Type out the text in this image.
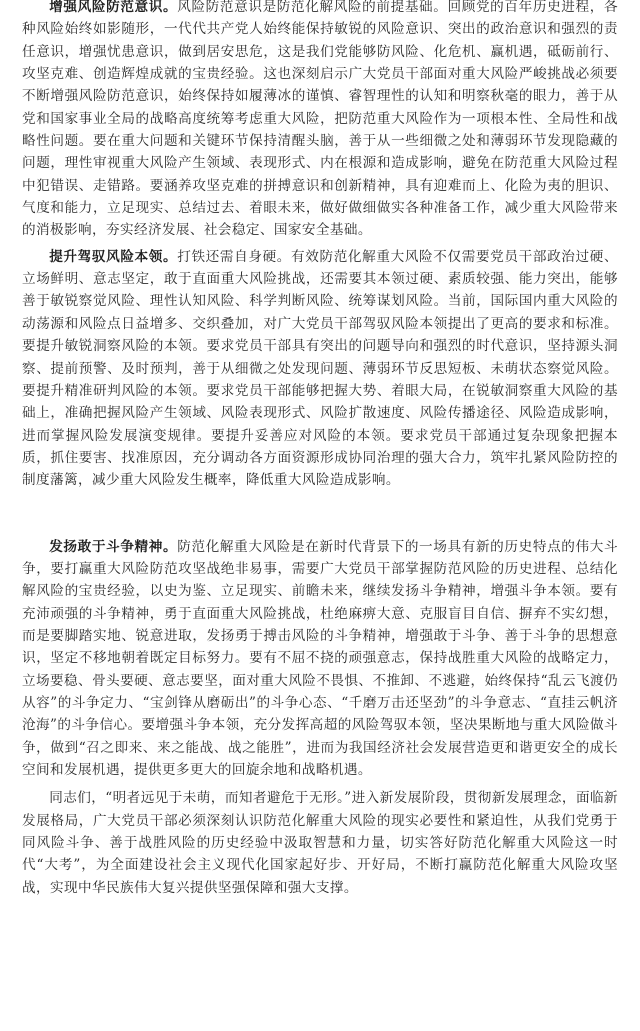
增强风险防范意识。风险防范意识是防范化解风险的前提基础。回顾党的百年历史进程，各种风险始终如影随形，一代代共产党人始终能保持敏锐的风险意识、突出的政治意识和强烈的责任意识，增强忧患意识，做到居安思危，这是我们党能够防风险、化危机、赢机遇，砥砺前行、攻坚克难、创造辉煌成就的宝贵经验。这也深刻启示广大党员干部面对重大风险严峻挑战必须要不断增强风险防范意识，始终保持如履薄冰的谨慎、睿智理性的认知和明察秋毫的眼力，善于从党和国家事业全局的战略高度统筹考虑重大风险，把防范重大风险作为一项根本性、全局性和战略性问题。要在重大问题和关键环节保持清醒头脑，善于从一些细微之处和薄弱环节发现隐藏的问题，理性审视重大风险产生领域、表现形式、内在根源和造成影响，避免在防范重大风险过程中犯错误、走错路。要涵养攻坚克难的拼搏意识和创新精神，具有迎难而上、化险为夷的胆识、气度和能力，立足现实、总结过去、着眼未来，做好做细做实各种准备工作，减少重大风险带来的消极影响，夯实经济发展、社会稳定、国家安全基础。

提升驾驭风险本领。打铁还需自身硬。有效防范化解重大风险不仅需要党员干部政治过硬、立场鲜明、意志坚定，敢于直面重大风险挑战，还需要其本领过硬、素质较强、能力突出，能够善于敏锐察觉风险、理性认知风险、科学判断风险、统筹谋划风险。当前，国际国内重大风险的动荡源和风险点日益增多、交织叠加，对广大党员干部驾驭风险本领提出了更高的要求和标准。要提升敏锐洞察风险的本领。要求党员干部具有突出的问题导向和强烈的时代意识，坚持源头洞察、提前预警、及时预判，善于从细微之处发现问题、薄弱环节反思短板、未萌状态察觉风险。要提升精准研判风险的本领。要求党员干部能够把握大势、着眼大局，在锐敏洞察重大风险的基础上，准确把握风险产生领域、风险表现形式、风险扩散速度、风险传播途径、风险造成影响，进而掌握风险发展演变规律。要提升妥善应对风险的本领。要求党员干部通过复杂现象把握本质，抓住要害、找准原因，充分调动各方面资源形成协同治理的强大合力，筑牢扎紧风险防控的制度藩篱，减少重大风险发生概率，降低重大风险造成影响。

发扬敢于斗争精神。防范化解重大风险是在新时代背景下的一场具有新的历史特点的伟大斗争，要打赢重大风险防范攻坚战绝非易事，需要广大党员干部掌握防范风险的历史进程、总结化解风险的宝贵经验，以史为鉴、立足现实、前瞻未来，继续发扬斗争精神，增强斗争本领。要有充沛顽强的斗争精神，勇于直面重大风险挑战，杜绝麻痹大意、克服盲目自信、摒弃不实幻想，而是要脚踏实地、锐意进取，发扬勇于搏击风险的斗争精神，增强敢于斗争、善于斗争的思想意识，坚定不移地朝着既定目标努力。要有不屈不挠的顽强意志，保持战胜重大风险的战略定力，立场要稳、骨头要硬、意志要坚，面对重大风险不畏惧、不推卸、不逃避，始终保持“乱云飞渡仍从容”的斗争定力、“宝剑锋从磨砺出”的斗争心态、“千磨万击还坚劲”的斗争意志、“直挂云帆济沧海”的斗争信心。要增强斗争本领，充分发挥高超的风险驾驭本领，坚决果断地与重大风险做斗争，做到“召之即来、来之能战、战之能胜”，进而为我国经济社会发展营造更和谐更安全的成长空间和发展机遇，提供更多更大的回旋余地和战略机遇。

同志们，“明者远见于未萌，而知者避危于无形。”进入新发展阶段，贯彻新发展理念，面临新发展格局，广大党员干部必须深刻认识防范化解重大风险的现实必要性和紧迫性，从我们党勇于同风险斗争、善于战胜风险的历史经验中汲取智慧和力量，切实答好防范化解重大风险这一时代“大考”，为全面建设社会主义现代化国家起好步、开好局，不断打赢防范化解重大风险攻坚战，实现中华民族伟大复兴提供坚强保障和强大支撑。
